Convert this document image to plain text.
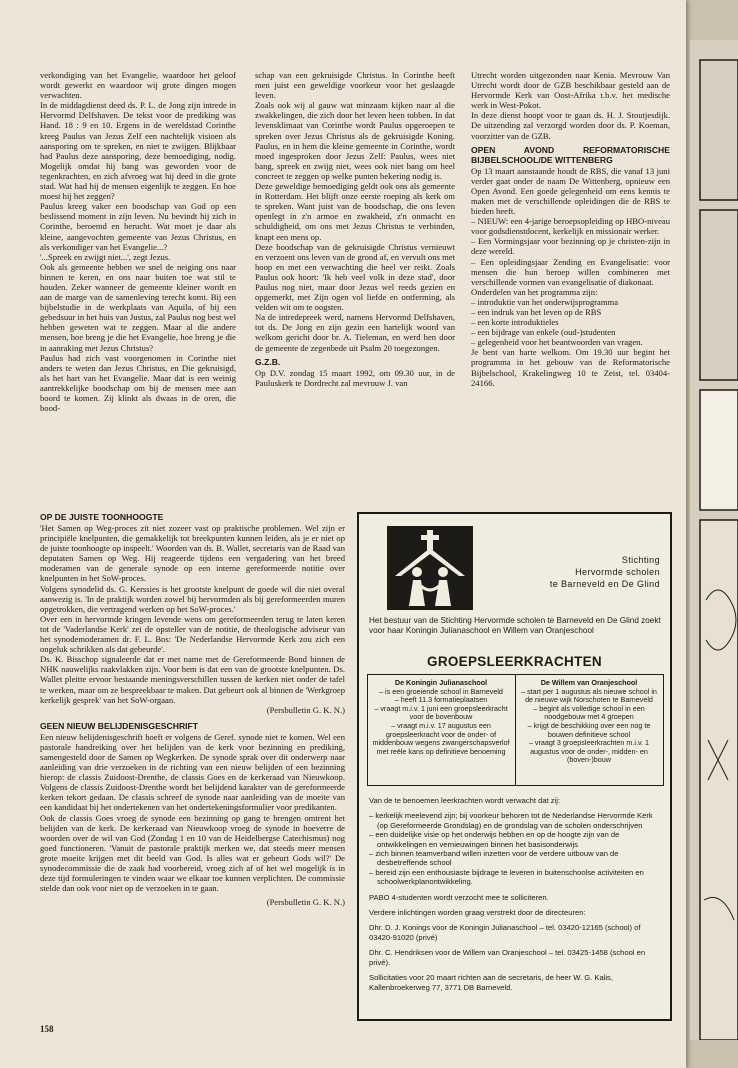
verkondiging van het Evangelie, waardoor het geloof wordt gewerkt en waardoor wij grote dingen mogen verwachten.

In de middagdienst deed ds. P. L. de Jong zijn intrede in Hervormd Delfshaven. De tekst voor de prediking was Hand. 18 : 9 en 10. Ergens in de wereldstad Corinthe kreeg Paulus van Jezus Zelf een nachtelijk visioen als aansporing om te spreken, en niet te zwijgen. Blijkbaar had Paulus deze aansporing, deze bemoediging, nodig. Mogelijk omdat hij bang was geworden voor de tegenkrachten, en zich afvroeg wat hij deed in die grote stad. Wat had hij de mensen eigenlijk te zeggen. En hoe moest hij het zeggen?

Paulus kreeg vaker een boodschap van God op een beslissend moment in zijn leven. Nu bevindt hij zich in Corinthe, beroemd en berucht. Wat moet je daar als kleine, aangevochten gemeente van Jezus Christus, en als verkondiger van het Evangelie...?

'...Spreek en zwijgt niet...', zegt Jezus.

Ook als gemeente hebben we snel de neiging ons naar binnen te keren, en ons naar buiten toe wat stil te houden. Zeker wanneer de gemeente kleiner wordt en aan de marge van de samenleving terecht komt. Bij een bijbelstudie in de werkplaats van Aquila, of bij een gebedsuur in het huis van Justus, zal Paulus nog best wel hebben geweten wat te zeggen. Maar al die andere mensen, hoe breng je die het Evangelie, hoe breng je die in aanraking met Jezus Christus?

Paulus had zich vast voorgenomen in Corinthe niet anders te weten dan Jezus Christus, en Die gekruisigd, als het hart van het Evangelie. Maar dat is een weinig aantrekkelijke boodschap om bij de mensen mee aan boord te komen. Zij klinkt als dwaas in de oren, die bood-

schap van een gekruisigde Christus. In Corinthe heeft men juist een geweldige voorkeur voor het geslaagde leven.

Zoals ook wij al gauw wat minzaam kijken naar al die zwakkelingen, die zich door het leven heen tobben. In dat levensklimaat van Corinthe wordt Paulus opgeroepen te spreken over Jezus Christus als de gekruisigde Koning. Paulus, en in hem die kleine gemeente in Corinthe, wordt moed ingesproken door Jezus Zelf: Paulus, wees niet bang, spreek en zwijg niet, wees ook niet bang om heel concreet te zeggen op welke punten bekering nodig is.

Deze geweldige bemoediging geldt ook ons als gemeente in Rotterdam. Het blijft onze eerste roeping als kerk om te spreken. Want juist van de boodschap, die ons leven openlegt in z'n armoe en zwakheid, z'n onmacht en schuldigheid, om ons met Jezus Christus te verbinden, knapt een mens op.

Deze boodschap van de gekruisigde Christus vernieuwt en verzoent ons leven van de grond af, en vervult ons met hoop en met een verwachting die heel ver reikt. Zoals Paulus ook hoort: 'Ik heb veel volk in deze stad', door Paulus nog niet, maar door Jezus wel reeds gezien en opgemerkt, met Zijn ogen vol liefde en ontferming, als velden wit om te oogsten.

Na de intredepreek werd, namens Hervormd Delfshaven, tot ds. De Jong en zijn gezin een hartelijk woord van welkom gericht door br. A. Tieleman, en werd hen door de gemeente de zegenbede uit Psalm 20 toegezongen.

G.Z.B.

Op D.V. zondag 15 maart 1992, om 09.30 uur, in de Pauluskerk te Dordrecht zal mevrouw J. van

Utrecht worden uitgezonden naar Kenia. Mevrouw Van Utrecht wordt door de GZB beschikbaar gesteld aan de Hervormde Kerk van Oost-Afrika t.b.v. het medische werk in West-Pokot.

In deze dienst hoopt voor te gaan ds. H. J. Stoutjesdijk. De uitzending zal verzorgd worden door ds. P. Koeman, voorzitter van de GZB.

OPEN AVOND REFORMATORISCHE BIJBELSCHOOL/DE WITTENBERG

Op 13 maart aanstaande houdt de RBS, die vanaf 13 juni verder gaat onder de naam De Wittenberg, opnieuw een Open Avond. Een goede gelegenheid om eens kennis te maken met de verschillende opleidingen die de RBS te bieden heeft.

– NIEUW: een 4-jarige beroepsopleiding op HBO-niveau voor godsdienstdocent, kerkelijk en missionair werker.

– Een Vormingsjaar voor bezinning op je christen-zijn in deze wereld.

– Een opleidingsjaar Zending en Evangelisatie: voor mensen die hun beroep willen combineren met verschillende vormen van evangelisatie of diakonaat.

Onderdelen van het programma zijn:

– introduktie van het onderwijsprogramma

– een indruk van het leven op de RBS

– een korte introduktieles

– een bijdrage van enkele (oud-)studenten

– gelegenheid voor het beantwoorden van vragen.

Je bent van harte welkom. Om 19.30 uur begint het programma in het gebouw van de Reformatorische Bijbelschool, Krakelingweg 10 te Zeist, tel. 03404-24166.

OP DE JUISTE TOONHOOGTE

'Het Samen op Weg-proces zit niet zozeer vast op praktische problemen. Wel zijn er principiële knelpunten, die gemakkelijk tot breekpunten kunnen leiden, als je er niet op de juiste toonhoogte op inspeelt.' Woorden van ds. B. Wallet, secretaris van de Raad van deputaten Samen op Weg. Hij reageerde tijdens een vergadering van het breed moderamen van de generale synode op een interne gereformeerde notitie over knelpunten in het SoW-proces.

Volgens synodelid ds. G. Kerssies is het grootste knelpunt de goede wil die niet overal aanwezig is. 'In de praktijk worden zowel bij hervormden als bij gereformeerden muren opgetrokken, die vertragend werken op het SoW-proces.'

Over een in hervormde kringen levende wens om gereformeerden terug te laten keren tot de 'Vaderlandse Kerk' zei de opsteller van de notitie, de theologische adviseur van het synodemoderamen dr. F. L. Bos: 'De Nederlandse Hervormde Kerk zou zich een ongeluk schrikken als dat gebeurde'.

Ds. K. Bisschop signaleerde dat er met name met de Gereformeerde Bond binnen de NHK nauwelijks raakvlakken zijn. Voor hem is dat een van de grootste knelpunten. Ds. Wallet pleitte ervoor bestaande meningsverschillen tussen de kerken niet onder de tafel te werken, maar om ze bespreekbaar te maken. Dat gebeurt ook al binnen de 'Werkgroep kerkelijk gesprek' van het SoW-orgaan.

(Persbulletin G. K. N.)

GEEN NIEUW BELIJDENISGESCHRIFT

Een nieuw belijdenisgeschrift hoeft er volgens de Geref. synode niet te komen. Wel een pastorale handreiking over het belijden van de kerk voor bezinning en prediking, samengesteld door de Samen op Wegkerken. De synode sprak over dit onderwerp naar aanleiding van drie verzoeken in de richting van een nieuw belijden of een bezinning hierop: de classis Zuidoost-Drenthe, de classis Goes en de kerkeraad van Nieuwkoop. Volgens de classis Zuidoost-Drenthe wordt het belijdend karakter van de gereformeerde kerken tekort gedaan. De classis schreef de synode naar aanleiding van de moeite van een kandidaat bij het ondertekenen van het ondertekeningsformulier voor predikanten.

Ook de classis Goes vroeg de synode een bezinning op gang te brengen omtrent het belijden van de kerk. De kerkeraad van Nieuwkoop vroeg de synode in hoeverre de woorden over de wil van God (Zondag 1 en 10 van de Heidelbergse Catechismus) nog goed functioneren. 'Vanuit de pastorale praktijk merken we, dat steeds meer mensen grote moeite krijgen met dit beeld van God. Is alles wat er gebeurt Gods wil?' De synodecommissie die de zaak had voorbereid, vroeg zich af of het wel mogelijk is in deze tijd formuleringen te vinden waar we elkaar toe kunnen verplichten. De commissie stelde dan ook voor niet op de verzoeken in te gaan.

(Persbulletin G. K. N.)

Stichting
Hervormde scholen
te Barneveld en De Glind
Het bestuur van de Stichting Hervormde scholen te Barneveld en De Glind zoekt voor haar Koningin Julianaschool en Willem van Oranjeschool
GROEPSLEERKRACHTEN

De Koningin Julianaschool

– is een groeiende school in Barneveld

– heeft 11.3 formatieplaatsen

– vraagt m.i.v. 1 juni een groepsleerkracht voor de bovenbouw

– vraagt m.i.v. 17 augustus een groepsleerkracht voor de onder- of middenbouw wegens zwangerschapsverlof met reële kans op definitieve benoeming

De Willem van Oranjeschool

– start per 1 augustus als nieuwe school in de nieuwe wijk Norschoten te Barneveld

– begint als volledige school in een noodgebouw met 4 groepen

– krijgt de beschikking over een nog te bouwen definitieve school

– vraagt 3 groepsleerkrachten m.i.v. 1 augustus voor de onder-, midden- en (boven-)bouw

Van de te benoemen leerkrachten wordt verwacht dat zij:

– kerkelijk meelevend zijn; bij voorkeur behoren tot de Nederlandse Hervormde Kerk (op Gereformeerde Grondslag) en de grondslag van de scholen onderschrijven
– een duidelijke visie op het onderwijs hebben en op de hoogte zijn van de ontwikkelingen en vernieuwingen binnen het basisonderwijs
– zich binnen teamverband willen inzetten voor de verdere uitbouw van de desbetreffende school
– bereid zijn een enthousiaste bijdrage te leveren in buitenschoolse activiteiten en schoolwerkplanontwikkeling.

PABO 4-studenten wordt verzocht mee te solliciteren.

Verdere inlichtingen worden graag verstrekt door de directeuren:

Dhr. D. J. Konings voor de Koningin Julianaschool – tel. 03420-12165 (school) of 03420-91020 (privé)

Dhr. C. Hendriksen voor de Willem van Oranjeschool – tel. 03425-1458 (school en privé).

Sollicitaties voor 20 maart richten aan de secretaris, de heer W. G. Kalis, Kallenbroekerweg 77, 3771 DB Barneveld.

158
